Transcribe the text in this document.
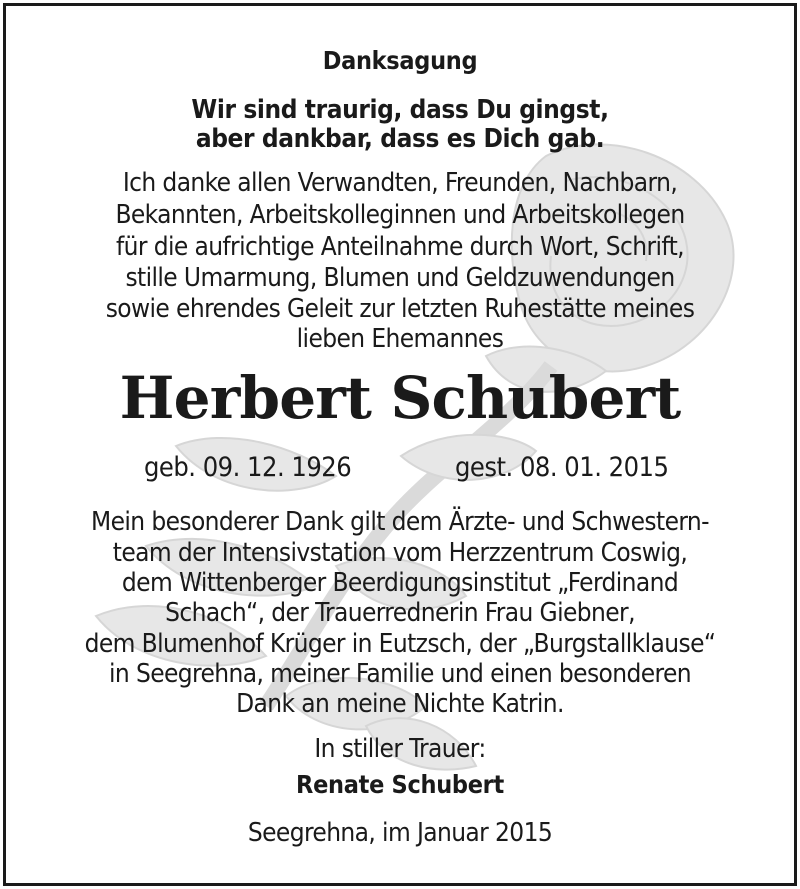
Danksagung
Wir sind traurig, dass Du gingst,
aber dankbar, dass es Dich gab.
Ich danke allen Verwandten, Freunden, Nachbarn,
Bekannten, Arbeitskolleginnen und Arbeitskollegen
für die aufrichtige Anteilnahme durch Wort, Schrift,
stille Umarmung, Blumen und Geldzuwendungen
sowie ehrendes Geleit zur letzten Ruhestätte meines
lieben Ehemannes
Herbert Schubert
geb. 09. 12. 1926	gest. 08. 01. 2015
Mein besonderer Dank gilt dem Ärzte- und Schwestern-
team der Intensivstation vom Herzzentrum Coswig,
dem Wittenberger Beerdigungsinstitut „Ferdinand
Schach“, der Trauerrednerin Frau Giebner,
dem Blumenhof Krüger in Eutzsch, der „Burgstallklause“
in Seegrehna, meiner Familie und einen besonderen
Dank an meine Nichte Katrin.
In stiller Trauer:
Renate Schubert
Seegrehna, im Januar 2015
